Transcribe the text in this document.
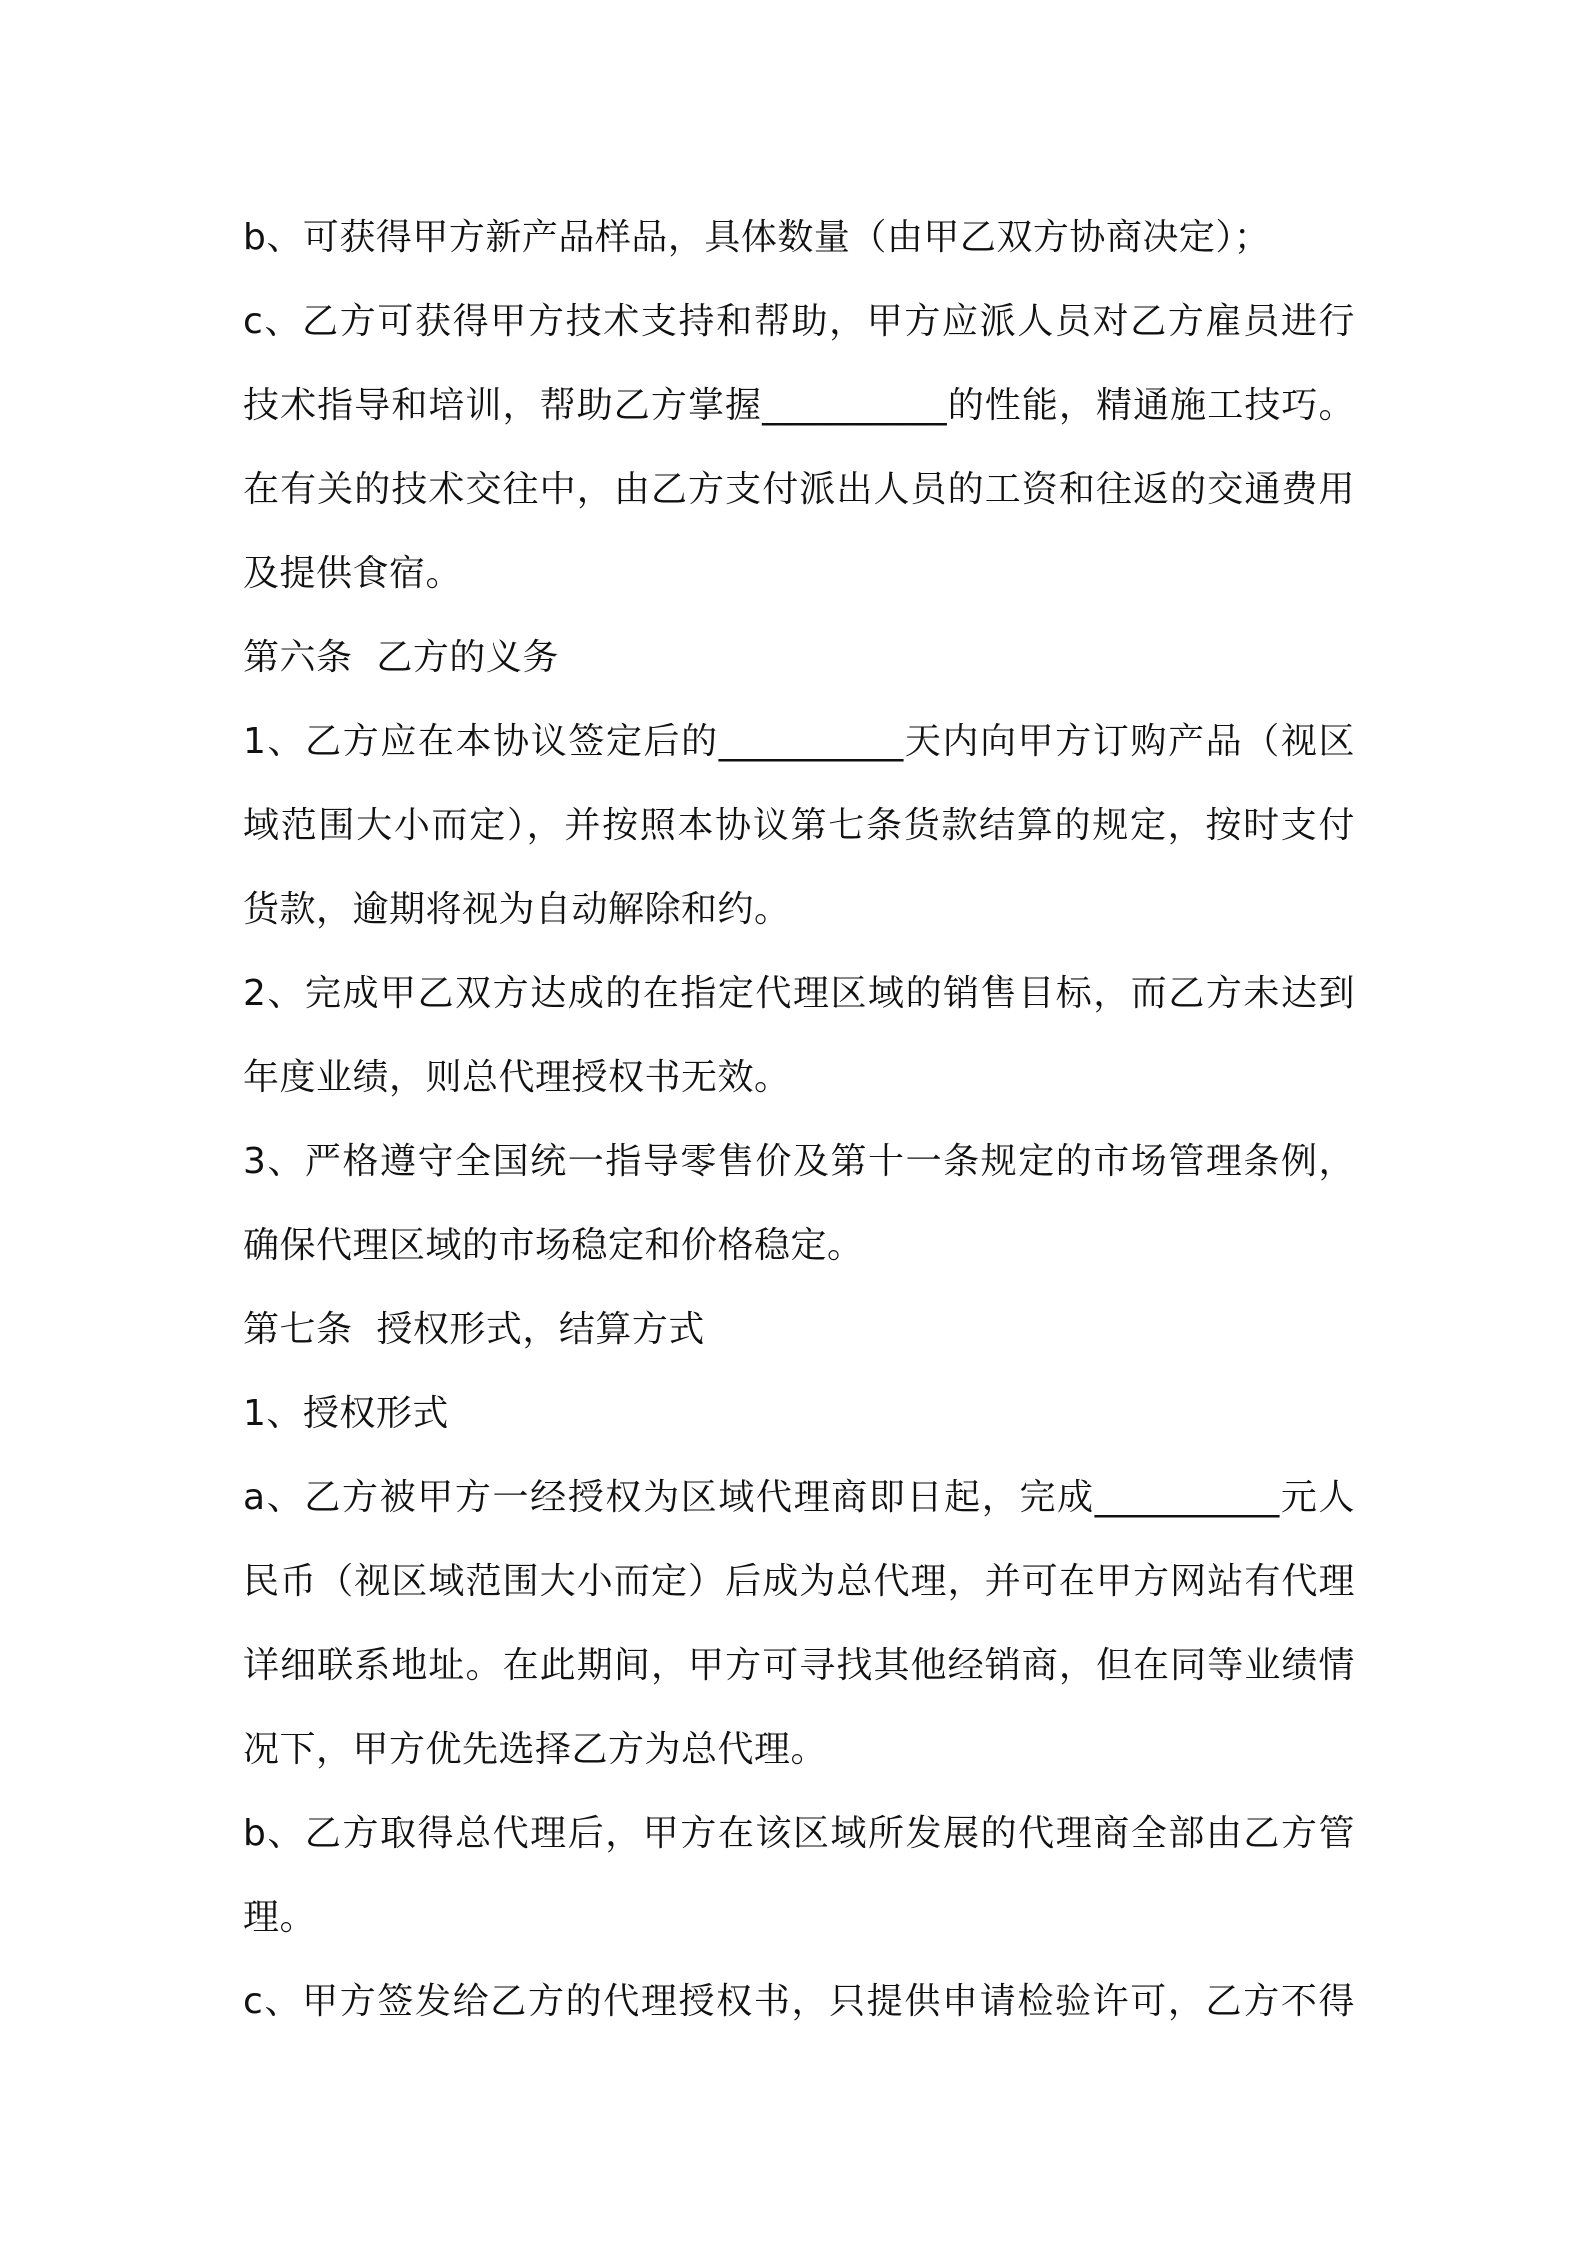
b、可获得甲方新产品样品，具体数量（由甲乙双方协商决定）；
c、乙方可获得甲方技术支持和帮助，甲方应派人员对乙方雇员进行
技术指导和培训，帮助乙方掌握__________的性能，精通施工技巧。
在有关的技术交往中，由乙方支付派出人员的工资和往返的交通费用
及提供食宿。
第六条  乙方的义务
1、乙方应在本协议签定后的__________天内向甲方订购产品（视区
域范围大小而定），并按照本协议第七条货款结算的规定，按时支付
货款，逾期将视为自动解除和约。
2、完成甲乙双方达成的在指定代理区域的销售目标，而乙方未达到
年度业绩，则总代理授权书无效。
3、严格遵守全国统一指导零售价及第十一条规定的市场管理条例，
确保代理区域的市场稳定和价格稳定。
第七条  授权形式，结算方式
1、授权形式
a、乙方被甲方一经授权为区域代理商即日起，完成__________元人
民币（视区域范围大小而定）后成为总代理，并可在甲方网站有代理
详细联系地址。在此期间，甲方可寻找其他经销商，但在同等业绩情
况下，甲方优先选择乙方为总代理。
b、乙方取得总代理后，甲方在该区域所发展的代理商全部由乙方管
理。
c、甲方签发给乙方的代理授权书，只提供申请检验许可，乙方不得
